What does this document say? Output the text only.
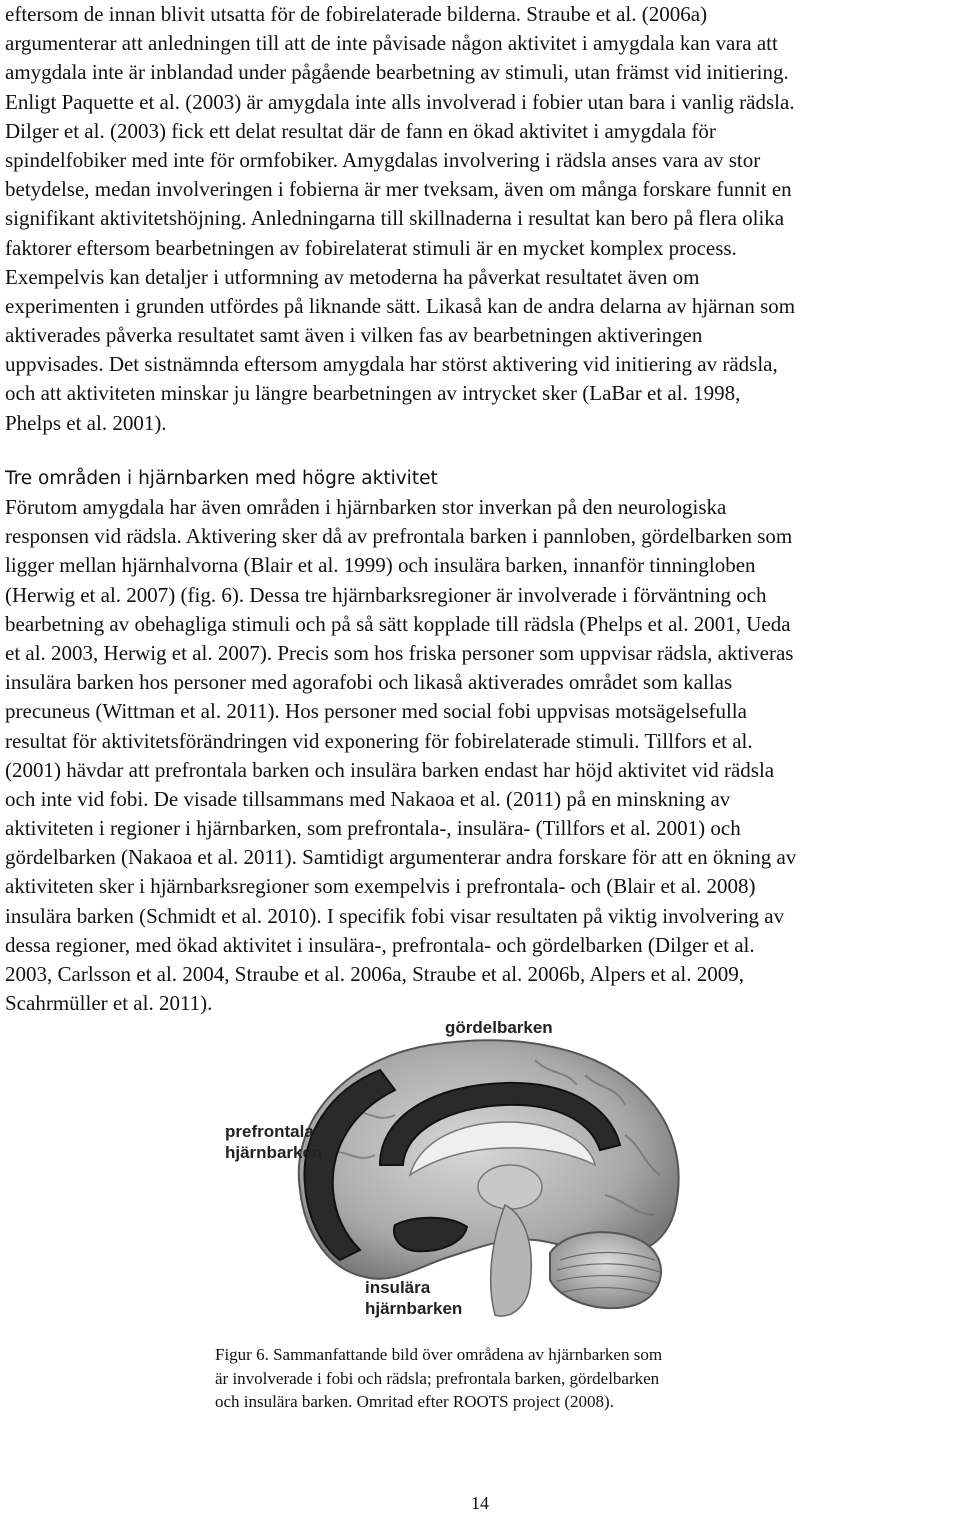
eftersom de innan blivit utsatta för de fobirelaterade bilderna. Straube et al. (2006a)
argumenterar att anledningen till att de inte påvisade någon aktivitet i amygdala kan vara att
amygdala inte är inblandad under pågående bearbetning av stimuli, utan främst vid initiering.
Enligt Paquette et al. (2003) är amygdala inte alls involverad i fobier utan bara i vanlig rädsla.
Dilger et al. (2003) fick ett delat resultat där de fann en ökad aktivitet i amygdala för
spindelfobiker med inte för ormfobiker. Amygdalas involvering i rädsla anses vara av stor
betydelse, medan involveringen i fobierna är mer tveksam, även om många forskare funnit en
signifikant aktivitetshöjning. Anledningarna till skillnaderna i resultat kan bero på flera olika
faktorer eftersom bearbetningen av fobirelaterat stimuli är en mycket komplex process.
Exempelvis kan detaljer i utformning av metoderna ha påverkat resultatet även om
experimenten i grunden utfördes på liknande sätt. Likaså kan de andra delarna av hjärnan som
aktiverades påverka resultatet samt även i vilken fas av bearbetningen aktiveringen
uppvisades. Det sistnämnda eftersom amygdala har störst aktivering vid initiering av rädsla,
och att aktiviteten minskar ju längre bearbetningen av intrycket sker (LaBar et al. 1998,
Phelps et al. 2001).
Tre områden i hjärnbarken med högre aktivitet
Förutom amygdala har även områden i hjärnbarken stor inverkan på den neurologiska
responsen vid rädsla. Aktivering sker då av prefrontala barken i pannloben, gördelbarken som
ligger mellan hjärnhalvorna (Blair et al. 1999) och insulära barken, innanför tinningloben
(Herwig et al. 2007) (fig. 6). Dessa tre hjärnbarksregioner är involverade i förväntning och
bearbetning av obehagliga stimuli och på så sätt kopplade till rädsla (Phelps et al. 2001, Ueda
et al. 2003, Herwig et al. 2007). Precis som hos friska personer som uppvisar rädsla, aktiveras
insulära barken hos personer med agorafobi och likaså aktiverades området som kallas
precuneus (Wittman et al. 2011). Hos personer med social fobi uppvisas motsägelsefulla
resultat för aktivitetsförändringen vid exponering för fobirelaterade stimuli. Tillfors et al.
(2001) hävdar att prefrontala barken och insulära barken endast har höjd aktivitet vid rädsla
och inte vid fobi. De visade tillsammans med Nakaoa et al. (2011) på en minskning av
aktiviteten i regioner i hjärnbarken, som prefrontala-, insulära- (Tillfors et al. 2001) och
gördelbarken (Nakaoa et al. 2011). Samtidigt argumenterar andra forskare för att en ökning av
aktiviteten sker i hjärnbarksregioner som exempelvis i prefrontala- och (Blair et al. 2008)
insulära barken (Schmidt et al. 2010). I specifik fobi visar resultaten på viktig involvering av
dessa regioner, med ökad aktivitet i insulära-, prefrontala- och gördelbarken (Dilger et al.
2003, Carlsson et al. 2004, Straube et al. 2006a, Straube et al. 2006b, Alpers et al. 2009,
Scahrmüller et al. 2011).
gördelbarken
prefrontala
hjärnbarken
insulära
hjärnbarken
Figur 6. Sammanfattande bild över områdena av hjärnbarken som
är involverade i fobi och rädsla; prefrontala barken, gördelbarken
och insulära barken. Omritad efter ROOTS project (2008).
14
